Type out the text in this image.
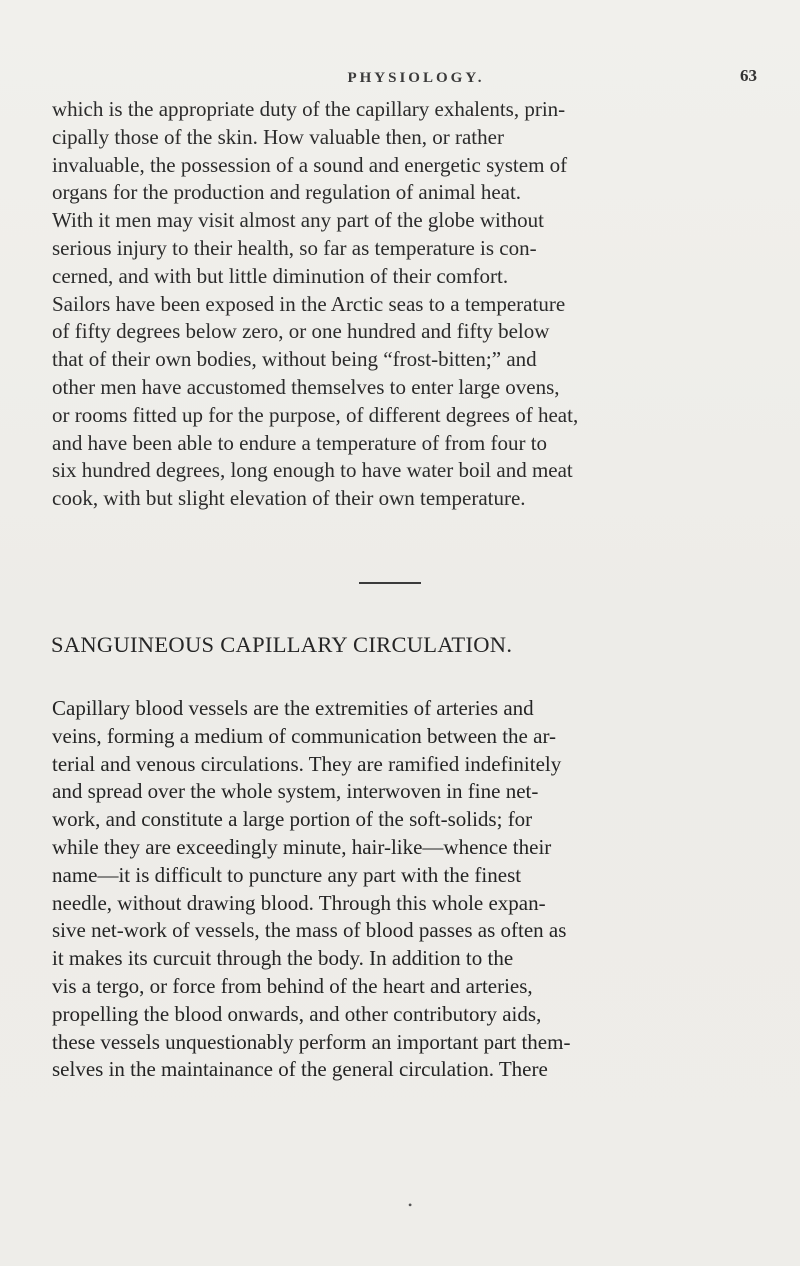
PHYSIOLOGY.	63

which is the appropriate duty of the capillary exhalents, prin-
cipally those of the skin. How valuable then, or rather
invaluable, the possession of a sound and energetic system of
organs for the production and regulation of animal heat.
With it men may visit almost any part of the globe without
serious injury to their health, so far as temperature is con-
cerned, and with but little diminution of their comfort.
Sailors have been exposed in the Arctic seas to a temperature
of fifty degrees below zero, or one hundred and fifty below
that of their own bodies, without being “frost-bitten;” and
other men have accustomed themselves to enter large ovens,
or rooms fitted up for the purpose, of different degrees of heat,
and have been able to endure a temperature of from four to
six hundred degrees, long enough to have water boil and meat
cook, with but slight elevation of their own temperature.

SANGUINEOUS CAPILLARY CIRCULATION.

Capillary blood vessels are the extremities of arteries and
veins, forming a medium of communication between the ar-
terial and venous circulations. They are ramified indefinitely
and spread over the whole system, interwoven in fine net-
work, and constitute a large portion of the soft-solids; for
while they are exceedingly minute, hair-like—whence their
name—it is difficult to puncture any part with the finest
needle, without drawing blood. Through this whole expan-
sive net-work of vessels, the mass of blood passes as often as
it makes its curcuit through the body. In addition to the
vis a tergo, or force from behind of the heart and arteries,
propelling the blood onwards, and other contributory aids,
these vessels unquestionably perform an important part them-
selves in the maintainance of the general circulation. There

•
